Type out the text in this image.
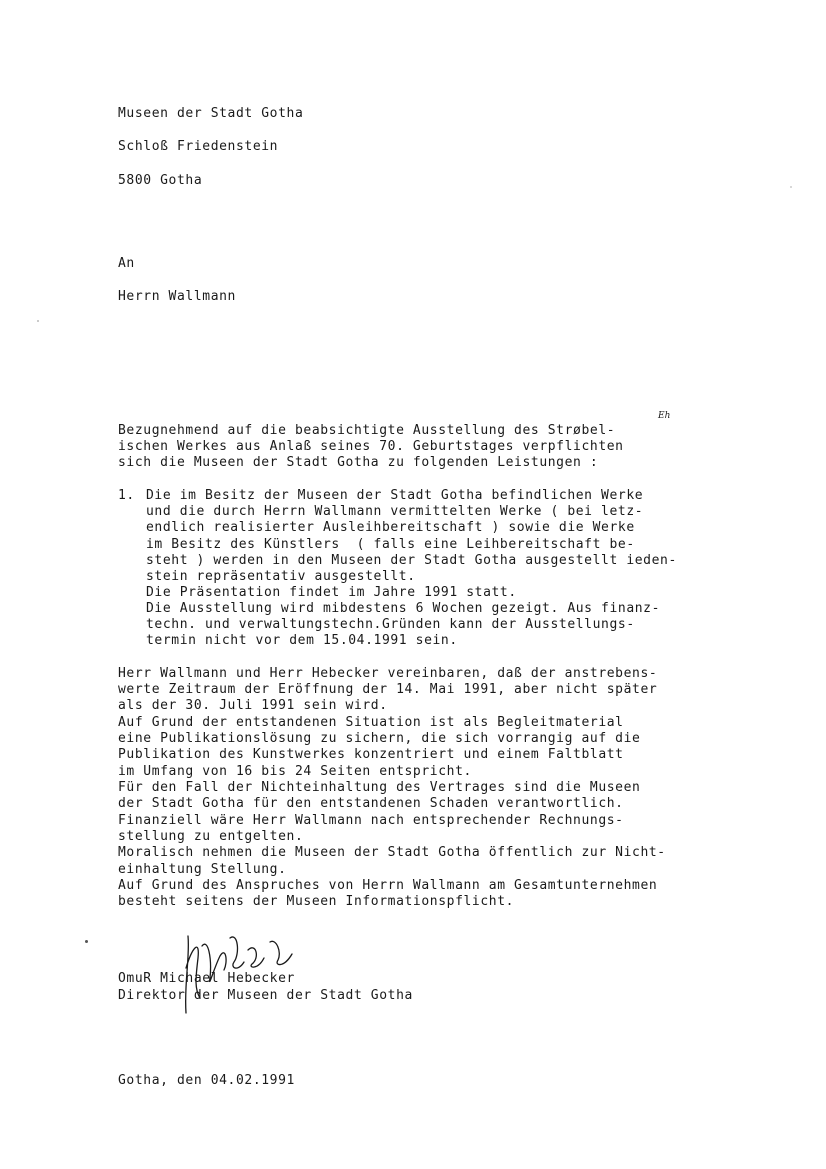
Museen der Stadt Gotha
Schloß Friedenstein
5800 Gotha
An
Herrn Wallmann
Eh
Bezugnehmend auf die beabsichtigte Ausstellung des Strøbel-
ischen Werkes aus Anlaß seines 70. Geburtstages verpflichten
sich die Museen der Stadt Gotha zu folgenden Leistungen :
1. Die im Besitz der Museen der Stadt Gotha befindlichen Werke
und die durch Herrn Wallmann vermittelten Werke ( bei letz-
endlich realisierter Ausleihbereitschaft ) sowie die Werke
im Besitz des Künstlers  ( falls eine Leihbereitschaft be-
steht ) werden in den Museen der Stadt Gotha ausgestellt ieden-
stein repräsentativ ausgestellt.
Die Präsentation findet im Jahre 1991 statt.
Die Ausstellung wird mibdestens 6 Wochen gezeigt. Aus finanz-
techn. und verwaltungstechn.Gründen kann der Ausstellungs-
termin nicht vor dem 15.04.1991 sein.
Herr Wallmann und Herr Hebecker vereinbaren, daß der anstrebens-
werte Zeitraum der Eröffnung der 14. Mai 1991, aber nicht später
als der 30. Juli 1991 sein wird.
Auf Grund der entstandenen Situation ist als Begleitmaterial
eine Publikationslösung zu sichern, die sich vorrangig auf die
Publikation des Kunstwerkes konzentriert und einem Faltblatt
im Umfang von 16 bis 24 Seiten entspricht.
Für den Fall der Nichteinhaltung des Vertrages sind die Museen
der Stadt Gotha für den entstandenen Schaden verantwortlich.
Finanziell wäre Herr Wallmann nach entsprechender Rechnungs-
stellung zu entgelten.
Moralisch nehmen die Museen der Stadt Gotha öffentlich zur Nicht-
einhaltung Stellung.
Auf Grund des Anspruches von Herrn Wallmann am Gesamtunternehmen
besteht seitens der Museen Informationspflicht.
OmuR Michael Hebecker
Direktor der Museen der Stadt Gotha
Gotha, den 04.02.1991
